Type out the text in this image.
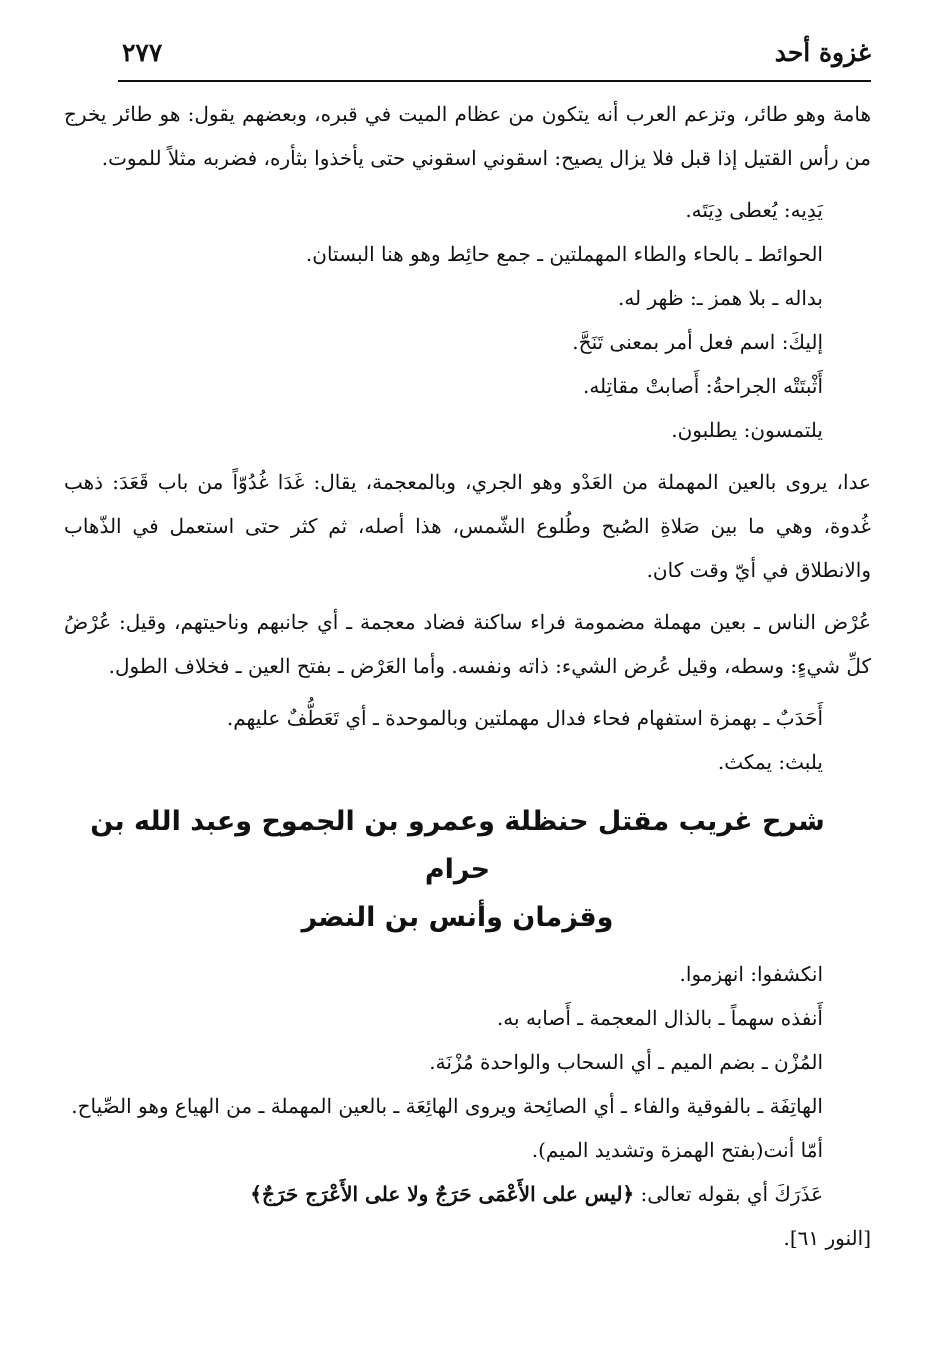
غزوة أحد
٢٧٧

هامة وهو طائر، وتزعم العرب أنه يتكون من عظام الميت في قبره، وبعضهم يقول: هو طائر يخرج من رأس القتيل إذا قبل فلا يزال يصيح: اسقوني اسقوني حتى يأخذوا بثأره، فضربه مثلاً للموت.

يَدِيه: يُعطى دِيَتَه.

الحوائط ـ بالحاء والطاء المهملتين ـ جمع حائِط وهو هنا البستان.

بداله ـ بلا همز ـ: ظهر له.

إليكَ: اسم فعل أمر بمعنى تَنَحَّ.

أَثْبتَتْه الجراحةُ: أَصابتْ مقاتِله.

يلتمسون: يطلبون.

عدا، يروى بالعين المهملة من العَدْو وهو الجري، وبالمعجمة، يقال: غَدَا غُدُوّاً من باب قَعَدَ: ذهب غُدوة، وهي ما بين صَلاةِ الصُبح وطُلوع الشّمس، هذا أصله، ثم كثر حتى استعمل في الذّهاب والانطلاق في أيّ وقت كان.

عُرْض الناس ـ بعين مهملة مضمومة فراء ساكنة فضاد معجمة ـ أي جانبهم وناحيتهم، وقيل: عُرْضُ كلِّ شيءٍ: وسطه، وقيل عُرض الشيء: ذاته ونفسه. وأما العَرْض ـ بفتح العين ـ فخلاف الطول.

أَحَدَبٌ ـ بهمزة استفهام فحاء فدال مهملتين وبالموحدة ـ أي تَعَطُّفٌ عليهم.

يلبث: يمكث.

شرح غريب مقتل حنظلة وعمرو بن الجموح وعبد الله بن حرام
وقزمان وأنس بن النضر

انكشفوا: انهزموا.

أَنفذه سهماً ـ بالذال المعجمة ـ أَصابه به.

المُزْن ـ بضم الميم ـ أي السحاب والواحدة مُزْنَة.

الهاتِفَة ـ بالفوقية والفاء ـ أي الصائِحة ويروى الهائِعَة ـ بالعين المهملة ـ من الهياع وهو الصِّياح.

أمّا أنت(بفتح الهمزة وتشديد الميم).

عَذَرَكَ أي بقوله تعالى: ﴿ليس على الأَعْمَى حَرَجٌ ولا على الأَعْرَج حَرَجٌ﴾

[النور ٦١].
